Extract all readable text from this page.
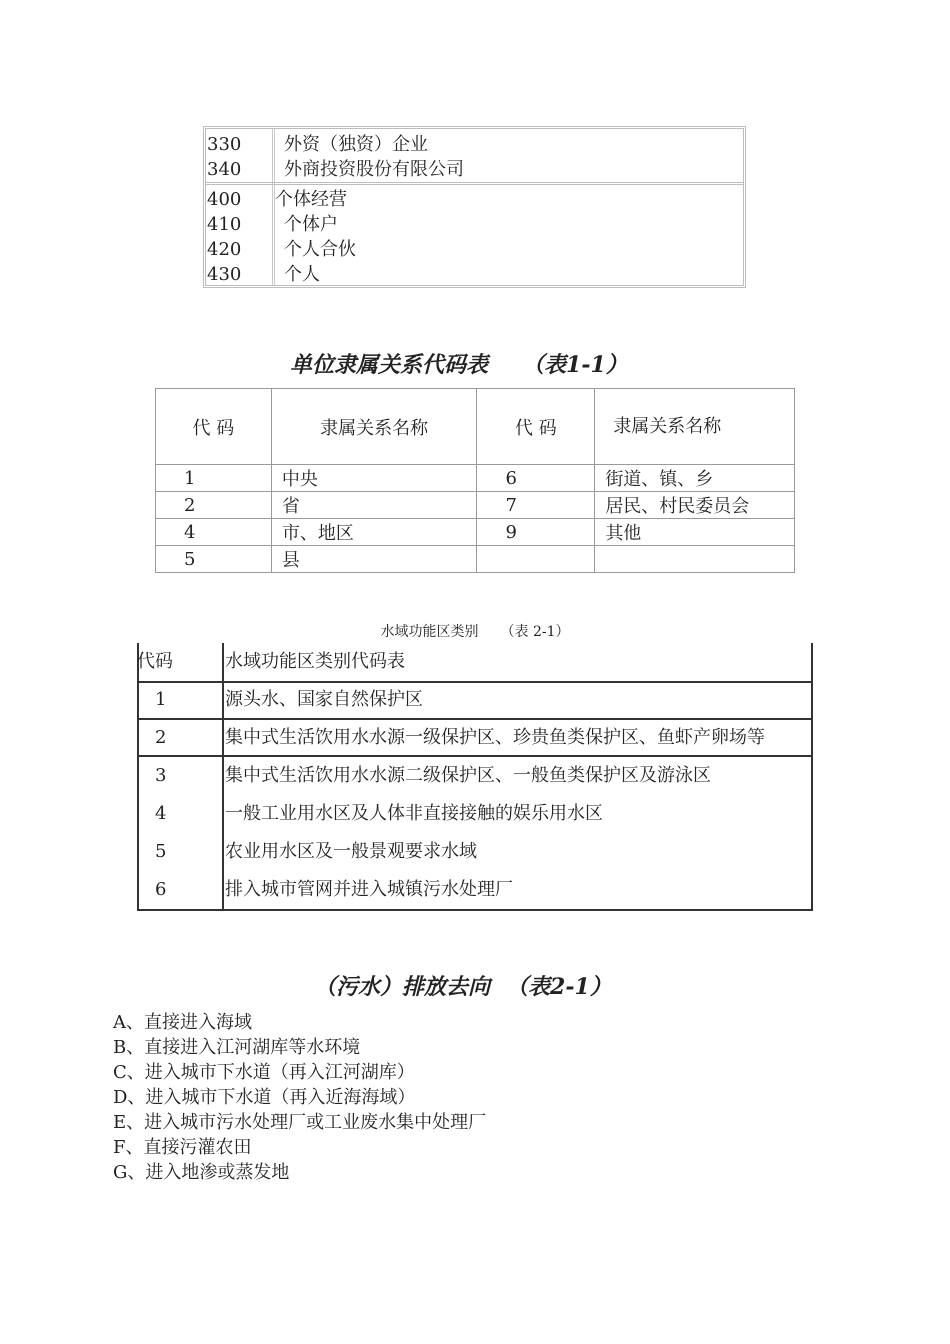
330 外资（独资）企业
340 外商投资股份有限公司
400 个体经营
410 个体户
420 个人合伙
430 个人
单位隶属关系代码表 （表1-1）
代 码	隶属关系名称	代 码	隶属关系名称
1	中央	6	街道、镇、乡
2	省	7	居民、村民委员会
4	市、地区	9	其他
5	县		
水域功能区类别 （表 2-1）
代码	水域功能区类别代码表
1	源头水、国家自然保护区
2	集中式生活饮用水水源一级保护区、珍贵鱼类保护区、鱼虾产卵场等
3	集中式生活饮用水水源二级保护区、一般鱼类保护区及游泳区
4	一般工业用水区及人体非直接接触的娱乐用水区
5	农业用水区及一般景观要求水域
6	排入城市管网并进入城镇污水处理厂
（污水）排放去向 （表2-1）
A、直接进入海域
B、直接进入江河湖库等水环境
C、进入城市下水道（再入江河湖库）
D、进入城市下水道（再入近海海域）
E、进入城市污水处理厂或工业废水集中处理厂
F、直接污灌农田
G、进入地渗或蒸发地
